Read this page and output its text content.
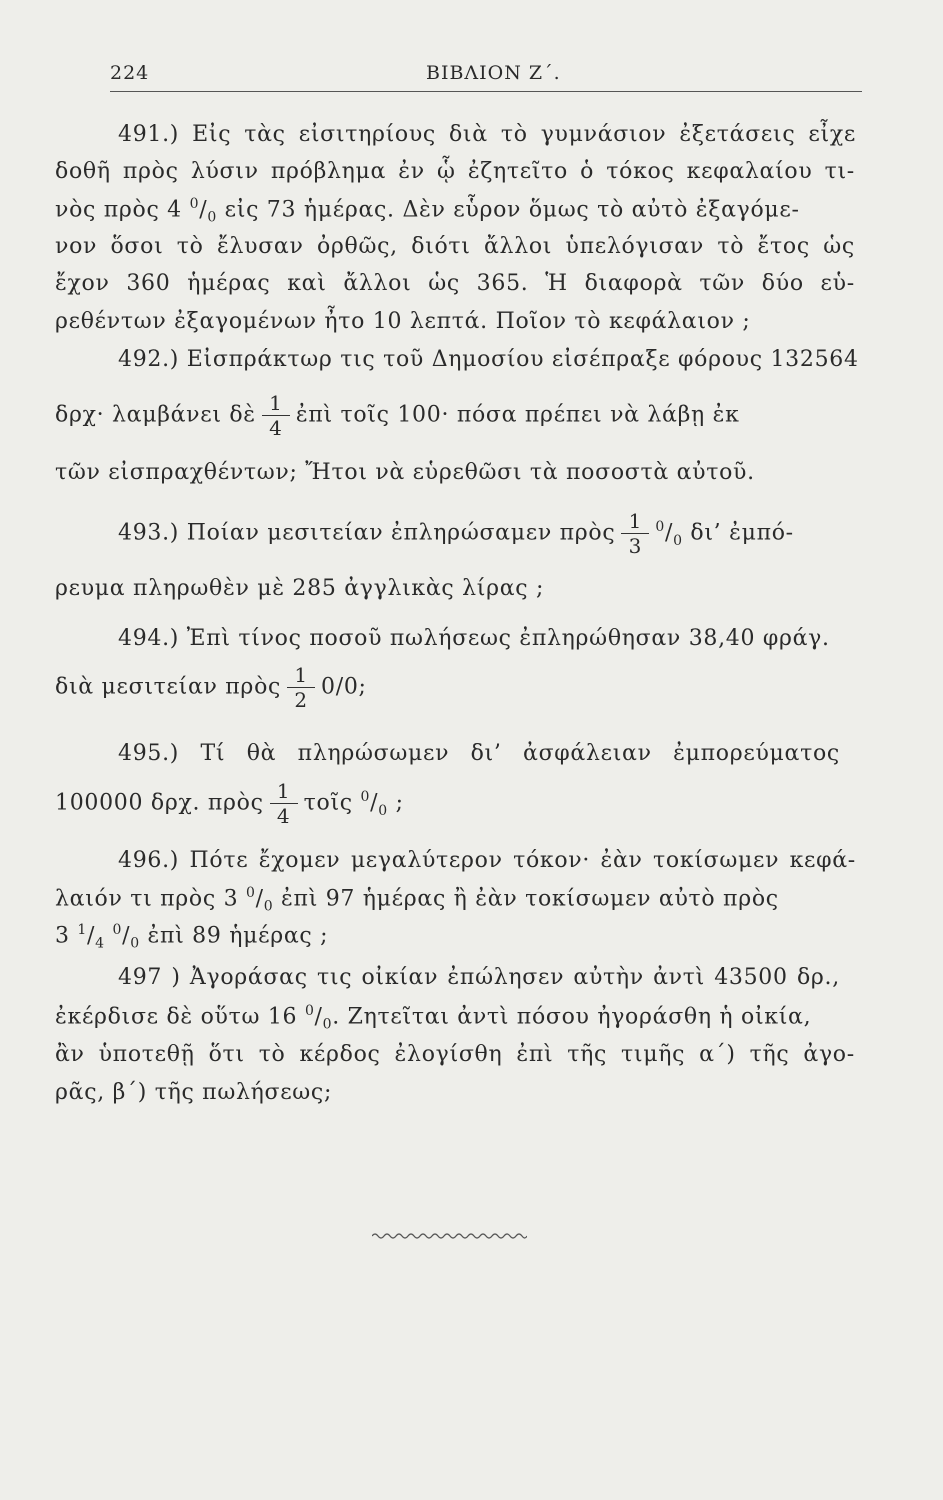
224	ΒΙΒΛΙΟΝ Ζ΄.
491.) Εἰς τὰς εἰσιτηρίους διὰ τὸ γυμνάσιον ἐξετάσεις εἶχε
δοθῆ πρὸς λύσιν πρόβλημα ἐν ᾧ ἐζητεῖτο ὁ τόκος κεφαλαίου τι-
νὸς πρὸς 4 $^0/_0$ εἰς 73 ἡμέρας. Δὲν εὗρον ὅμως τὸ αὐτὸ ἐξαγόμε-
νον ὅσοι τὸ ἔλυσαν ὀρθῶς, διότι ἄλλοι ὑπελόγισαν τὸ ἔτος ὡς
ἔχον 360 ἡμέρας καὶ ἄλλοι ὡς 365. Ἡ διαφορὰ τῶν δύο εὑ-
ρεθέντων ἐξαγομένων ἦτο 10 λεπτά. Ποῖον τὸ κεφάλαιον ;
492.) Εἰσπράκτωρ τις τοῦ Δημοσίου εἰσέπραξε φόρους 132564
δρχ· λαμβάνει δὲ $\frac{1}{4}$ ἐπὶ τοῖς 100· πόσα πρέπει νὰ λάβῃ ἐκ
τῶν εἰσπραχθέντων; Ἤτοι νὰ εὑρεθῶσι τὰ ποσοστὰ αὐτοῦ.
493.) Ποίαν μεσιτείαν ἐπληρώσαμεν πρὸς $\frac{1}{3} ^0/_0$ δι’ ἐμπό-
ρευμα πληρωθὲν μὲ 285 ἀγγλικὰς λίρας ;
494.) Ἐπὶ τίνος ποσοῦ πωλήσεως ἐπληρώθησαν 38,40 φράγ.
διὰ μεσιτείαν πρὸς $\frac{1}{2} 0/0$;
495.) Τί θὰ πληρώσωμεν δι’ ἀσφάλειαν ἐμπορεύματος
100000 δρχ. πρὸς $\frac{1}{4}$ τοῖς $^0/_0$ ;
496.) Πότε ἔχομεν μεγαλύτερον τόκον· ἐὰν τοκίσωμεν κεφά-
λαιόν τι πρὸς 3 $^0/_0$ ἐπὶ 97 ἡμέρας ἢ ἐὰν τοκίσωμεν αὐτὸ πρὸς
3 $^1/_4$ $^0/_0$ ἐπὶ 89 ἡμέρας ;
497 ) Ἀγοράσας τις οἰκίαν ἐπώλησεν αὐτὴν ἀντὶ 43500 δρ.,
ἐκέρδισε δὲ οὕτω 16 $^0/_0$. Ζητεῖται ἀντὶ πόσου ἠγοράσθη ἡ οἰκία,
ἂν ὑποτεθῇ ὅτι τὸ κέρδος ἐλογίσθη ἐπὶ τῆς τιμῆς α΄) τῆς ἀγο-
ρᾶς, β΄) τῆς πωλήσεως;
